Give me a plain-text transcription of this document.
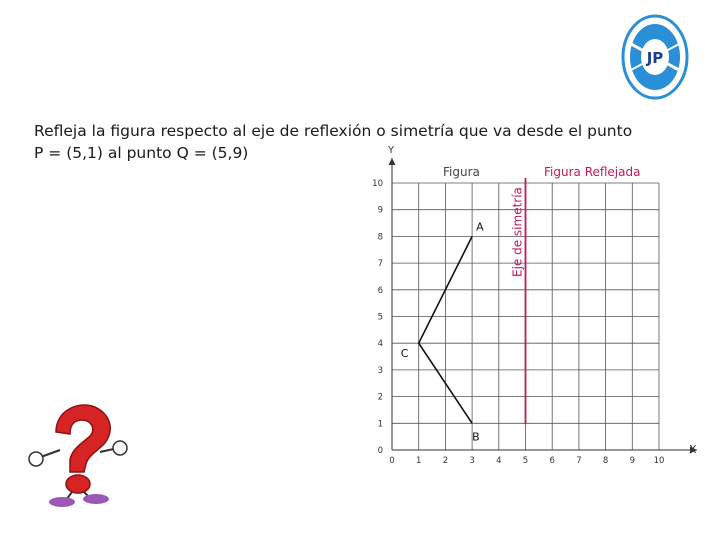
JP
Refleja la figura respecto al eje de reflexión o simetría que va desde el punto
P = (5,1) al punto Q = (5,9)
0	1	2	3	4	5	6	7	8	9 10
0
1
2
3
4
5
6
7
8
9
10
Y
X
Figura	Figura Reflejada
Eje de simetría
A
C
B
